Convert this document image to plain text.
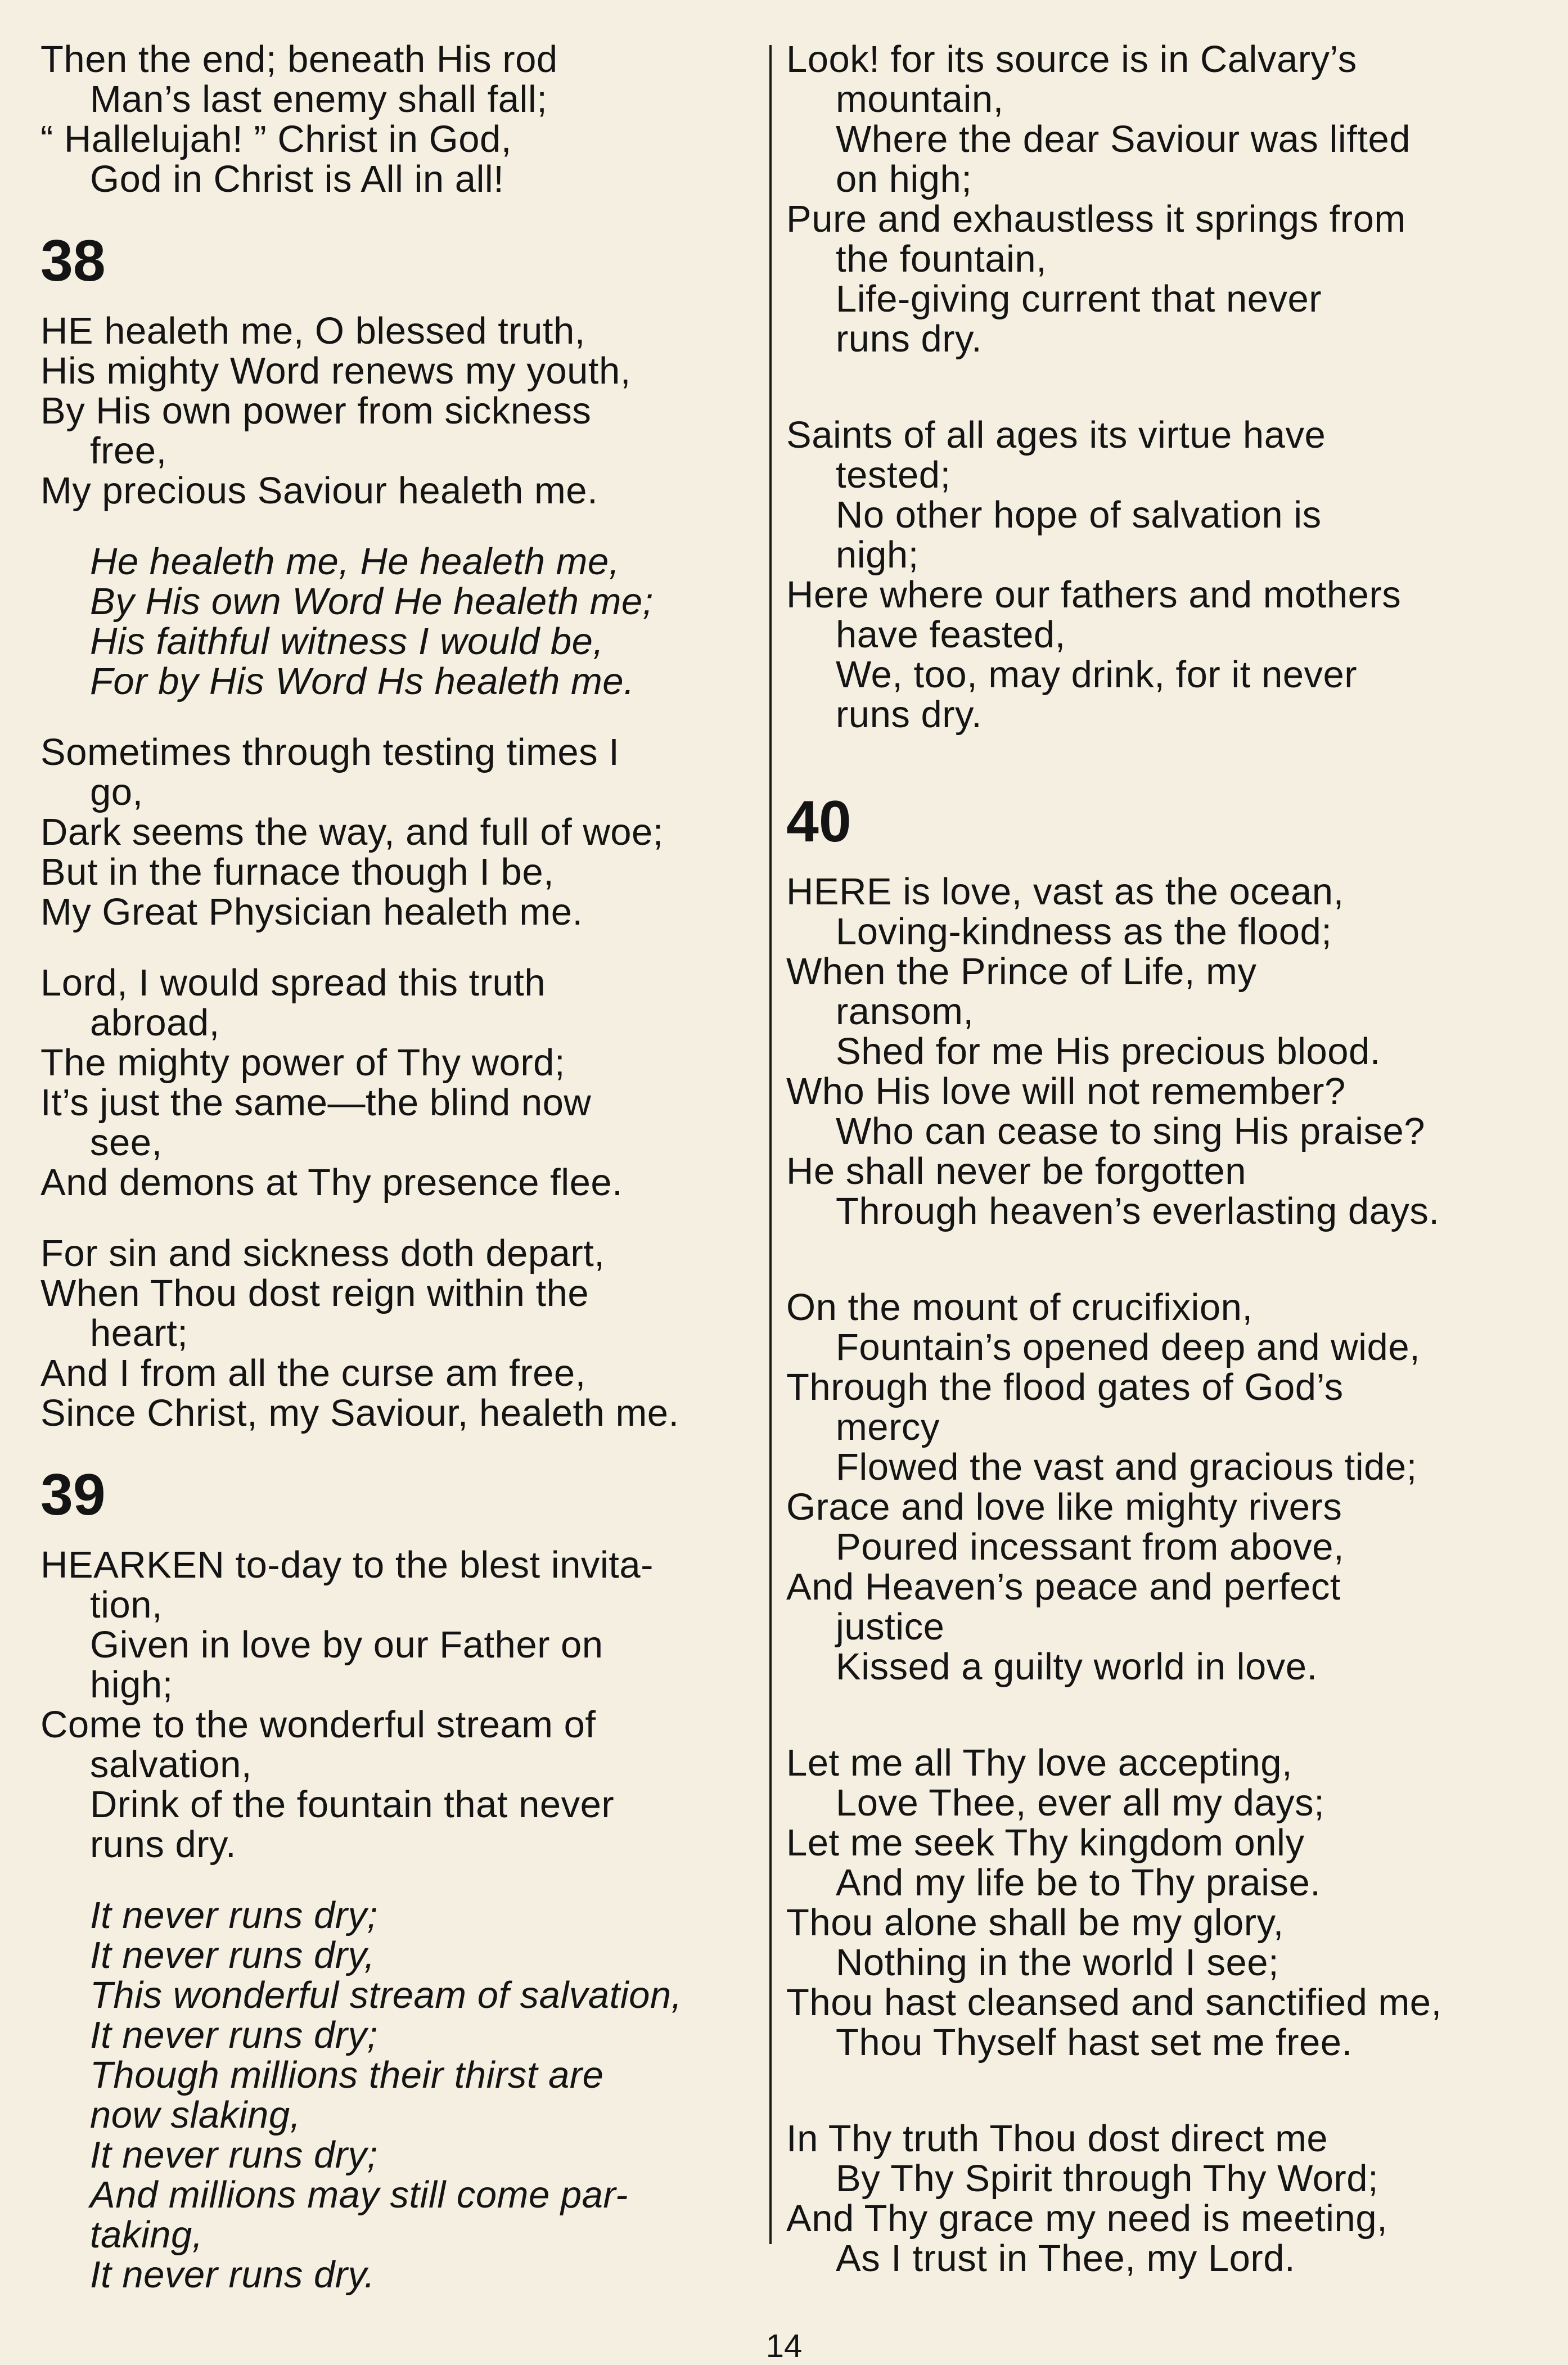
Then the end; beneath His rod
Man’s last enemy shall fall;
“ Hallelujah! ” Christ in God,
God in Christ is All in all!
38
HE healeth me, O blessed truth,
His mighty Word renews my youth,
By His own power from sickness
free,
My precious Saviour healeth me.
He healeth me, He healeth me,
By His own Word He healeth me;
His faithful witness I would be,
For by His Word Hs healeth me.
Sometimes through testing times I
go,
Dark seems the way, and full of woe;
But in the furnace though I be,
My Great Physician healeth me.
Lord, I would spread this truth
abroad,
The mighty power of Thy word;
It’s just the same—the blind now
see,
And demons at Thy presence flee.
For sin and sickness doth depart,
When Thou dost reign within the
heart;
And I from all the curse am free,
Since Christ, my Saviour, healeth me.
39
HEARKEN to-day to the blest invita-
tion,
Given in love by our Father on
high;
Come to the wonderful stream of
salvation,
Drink of the fountain that never
runs dry.
It never runs dry;
It never runs dry,
This wonderful stream of salvation,
It never runs dry;
Though millions their thirst are
now slaking,
It never runs dry;
And millions may still come par-
taking,
It never runs dry.
Look! for its source is in Calvary’s
mountain,
Where the dear Saviour was lifted
on high;
Pure and exhaustless it springs from
the fountain,
Life-giving current that never
runs dry.
Saints of all ages its virtue have
tested;
No other hope of salvation is
nigh;
Here where our fathers and mothers
have feasted,
We, too, may drink, for it never
runs dry.
40
HERE is love, vast as the ocean,
Loving-kindness as the flood;
When the Prince of Life, my
ransom,
Shed for me His precious blood.
Who His love will not remember?
Who can cease to sing His praise?
He shall never be forgotten
Through heaven’s everlasting days.
On the mount of crucifixion,
Fountain’s opened deep and wide,
Through the flood gates of God’s
mercy
Flowed the vast and gracious tide;
Grace and love like mighty rivers
Poured incessant from above,
And Heaven’s peace and perfect
justice
Kissed a guilty world in love.
Let me all Thy love accepting,
Love Thee, ever all my days;
Let me seek Thy kingdom only
And my life be to Thy praise.
Thou alone shall be my glory,
Nothing in the world I see;
Thou hast cleansed and sanctified me,
Thou Thyself hast set me free.
In Thy truth Thou dost direct me
By Thy Spirit through Thy Word;
And Thy grace my need is meeting,
As I trust in Thee, my Lord.
14
